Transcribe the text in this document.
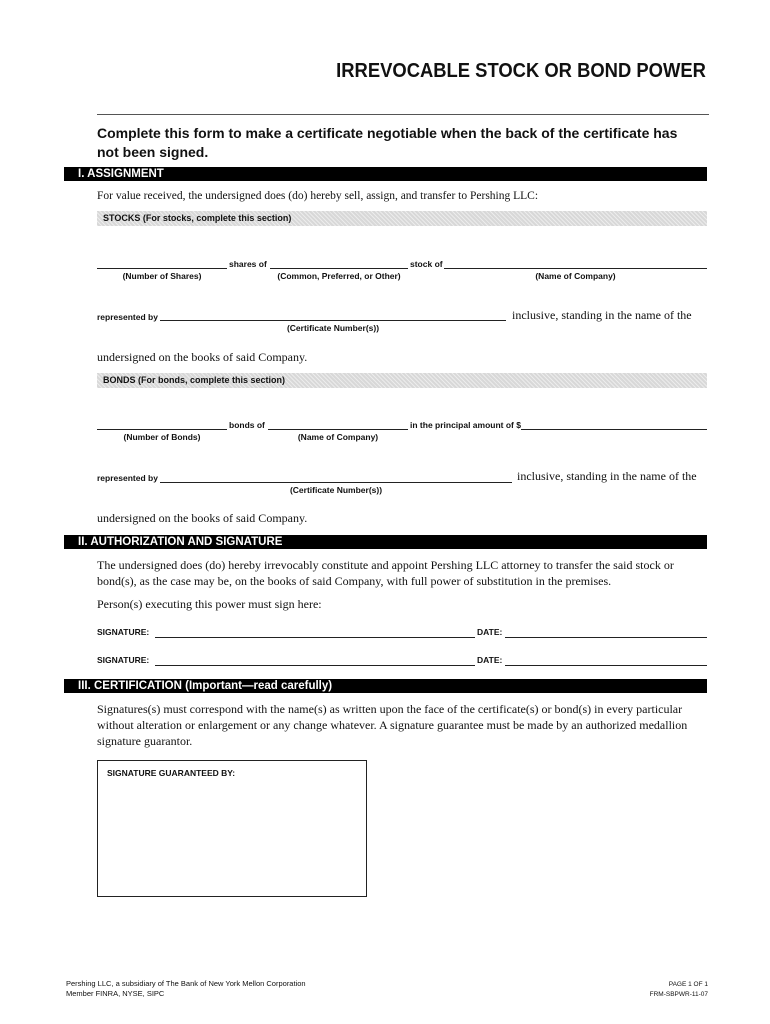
IRREVOCABLE STOCK OR BOND POWER
Complete this form to make a certificate negotiable when the back of the certificate has not been signed.
I. ASSIGNMENT
For value received, the undersigned does (do) hereby sell, assign, and transfer to Pershing LLC:
STOCKS (For stocks, complete this section)
shares of	stock of
(Number of Shares)	(Common, Preferred, or Other)	(Name of Company)
represented by	inclusive, standing in the name of the
(Certificate Number(s))
undersigned on the books of said Company.
BONDS (For bonds, complete this section)
bonds of	in the principal amount of $
(Number of Bonds)	(Name of Company)
represented by	inclusive, standing in the name of the
(Certificate Number(s))
undersigned on the books of said Company.
II. AUTHORIZATION AND SIGNATURE
The undersigned does (do) hereby irrevocably constitute and appoint Pershing LLC attorney to transfer the said stock or bond(s), as the case may be, on the books of said Company, with full power of substitution in the premises.
Person(s) executing this power must sign here:
SIGNATURE:	DATE:
SIGNATURE:	DATE:
III. CERTIFICATION (Important—read carefully)
Signatures(s) must correspond with the name(s) as written upon the face of the certificate(s) or bond(s) in every particular without alteration or enlargement or any change whatever. A signature guarantee must be made by an authorized medallion signature guarantor.
SIGNATURE GUARANTEED BY:
Pershing LLC, a subsidiary of The Bank of New York Mellon Corporation
Member FINRA, NYSE, SIPC
PAGE 1 OF 1
FRM-SBPWR-11-07
